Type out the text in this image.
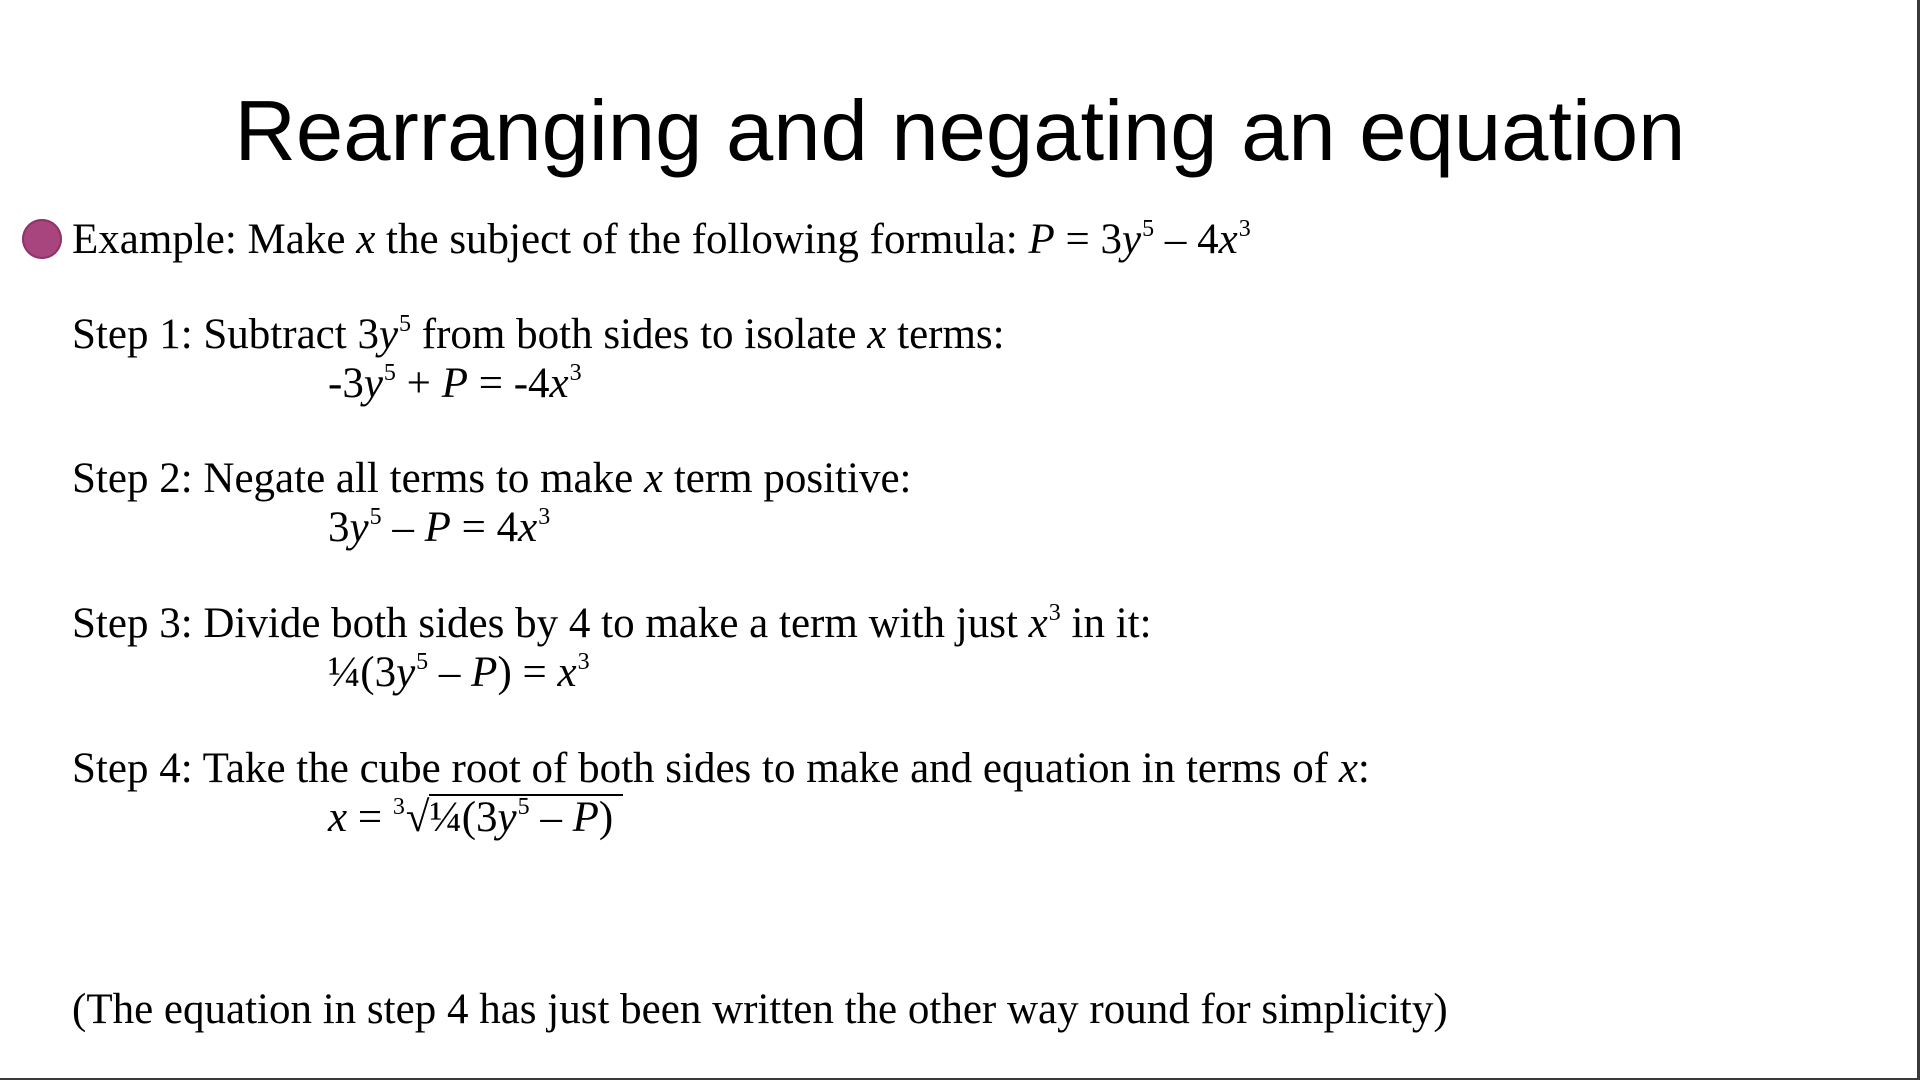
Rearranging and negating an equation

Example: Make x the subject of the following formula: $P = 3y^5 - 4x^3$

Step 1: Subtract $3y^5$ from both sides to isolate x terms:

$-3y^5 + P = -4x^3$

Step 2: Negate all terms to make x term positive:

$3y^5 - P = 4x^3$

Step 3: Divide both sides by 4 to make a term with just $x^3$ in it:

$\frac{1}{4}(3y^5 - P) = x^3$

Step 4: Take the cube root of both sides to make and equation in terms of x:

$x = ^3√\frac{1}{4}(3y^5 - P)$

(The equation in step 4 has just been written the other way round for simplicity)
